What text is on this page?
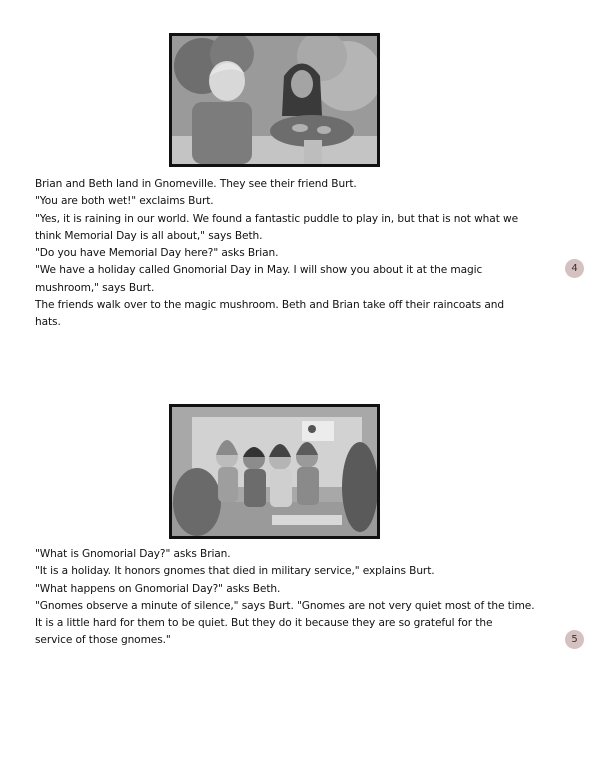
Brian and Beth land in Gnomeville. They see their friend Burt.

"You are both wet!" exclaims Burt.

"Yes, it is raining in our world. We found a fantastic puddle to play in, but that is not what we

think Memorial Day is all about," says Beth.

"Do you have Memorial Day here?" asks Brian.

"We have a holiday called Gnomorial Day in May. I will show you about it at the magic

mushroom," says Burt.

The friends walk over to the magic mushroom. Beth and Brian take off their raincoats and

hats.

4

"What is Gnomorial Day?" asks Brian.

"It is a holiday. It honors gnomes that died in military service," explains Burt.

"What happens on Gnomorial Day?" asks Beth.

"Gnomes observe a minute of silence," says Burt. "Gnomes are not very quiet most of the time.

It is a little hard for them to be quiet. But they do it because they are so grateful for the

service of those gnomes."	5
